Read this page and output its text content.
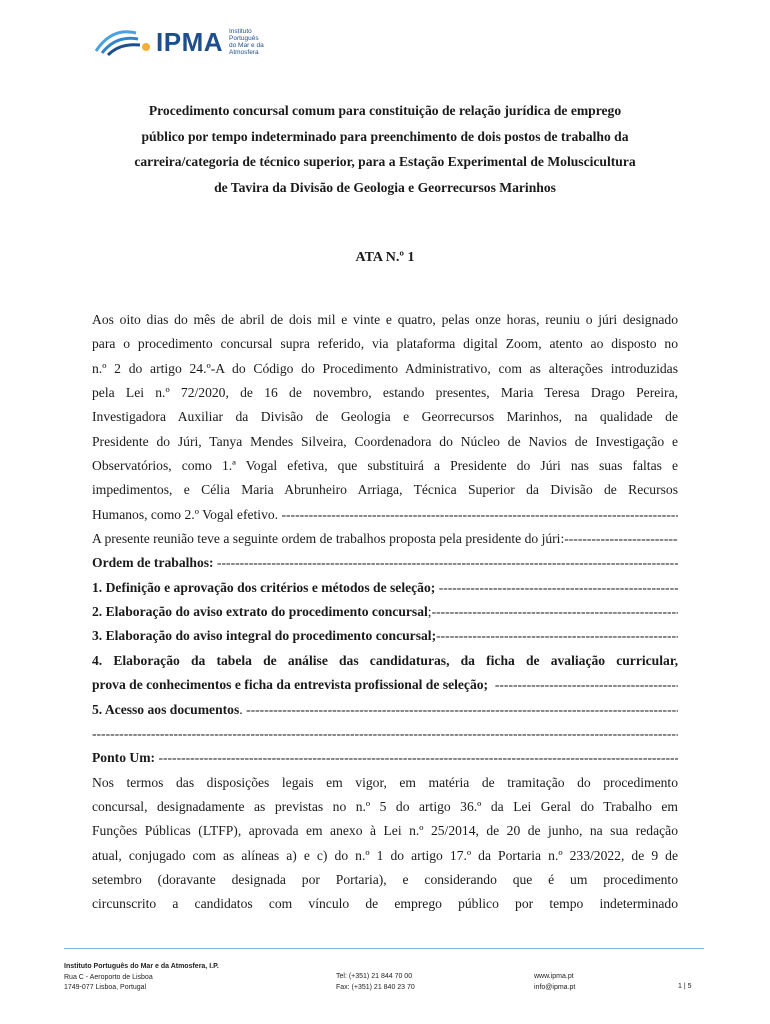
IPMA Instituto
Português
do Mar e da
Atmosfera
Procedimento concursal comum para constituição de relação jurídica de emprego
público por tempo indeterminado para preenchimento de dois postos de trabalho da
carreira/categoria de técnico superior, para a Estação Experimental de Moluscicultura
de Tavira da Divisão de Geologia e Georrecursos Marinhos
ATA N.º 1
Aos oito dias do mês de abril de dois mil e vinte e quatro, pelas onze horas, reuniu o júri designado
para o procedimento concursal supra referido, via plataforma digital Zoom, atento ao disposto no
n.º 2 do artigo 24.º-A do Código do Procedimento Administrativo, com as alterações introduzidas
pela Lei n.º 72/2020, de 16 de novembro, estando presentes, Maria Teresa Drago Pereira,
Investigadora Auxiliar da Divisão de Geologia e Georrecursos Marinhos, na qualidade de
Presidente do Júri, Tanya Mendes Silveira, Coordenadora do Núcleo de Navios de Investigação e
Observatórios, como 1.ª Vogal efetiva, que substituirá a Presidente do Júri nas suas faltas e
impedimentos, e Célia Maria Abrunheiro Arriaga, Técnica Superior da Divisão de Recursos
Humanos, como 2.º Vogal efetivo.

-----
A presente reunião teve a seguinte ordem de trabalhos proposta pela presidente do júri:
-----
Ordem de trabalhos:

-----
1. Definição e aprovação dos critérios e métodos de seleção;

-----
2. Elaboração do aviso extrato do procedimento concursal ;
-----
3. Elaboração do aviso integral do procedimento concursal;
-----
4. Elaboração da tabela de análise das candidaturas, da ficha de avaliação curricular,
prova de conhecimentos e ficha da entrevista profissional de seleção;

-----
5. Acesso aos documentos .

-----
-----
Ponto Um:

-----
Nos termos das disposições legais em vigor, em matéria de tramitação do procedimento
concursal, designadamente as previstas no n.º 5 do artigo 36.º da Lei Geral do Trabalho em
Funções Públicas (LTFP), aprovada em anexo à Lei n.º 25/2014, de 20 de junho, na sua redação
atual, conjugado com as alíneas a) e c) do n.º 1 do artigo 17.º da Portaria n.º 233/2022, de 9 de
setembro (doravante designada por Portaria), e considerando que é um procedimento
circunscrito a candidatos com vínculo de emprego público por tempo indeterminado
Instituto Português do Mar e da Atmosfera, I.P.
Rua C - Aeroporto de Lisboa
1749-077 Lisboa, Portugal
Tel: (+351) 21 844 70 00
Fax: (+351) 21 840 23 70
www.ipma.pt
info@ipma.pt	1 | 5
